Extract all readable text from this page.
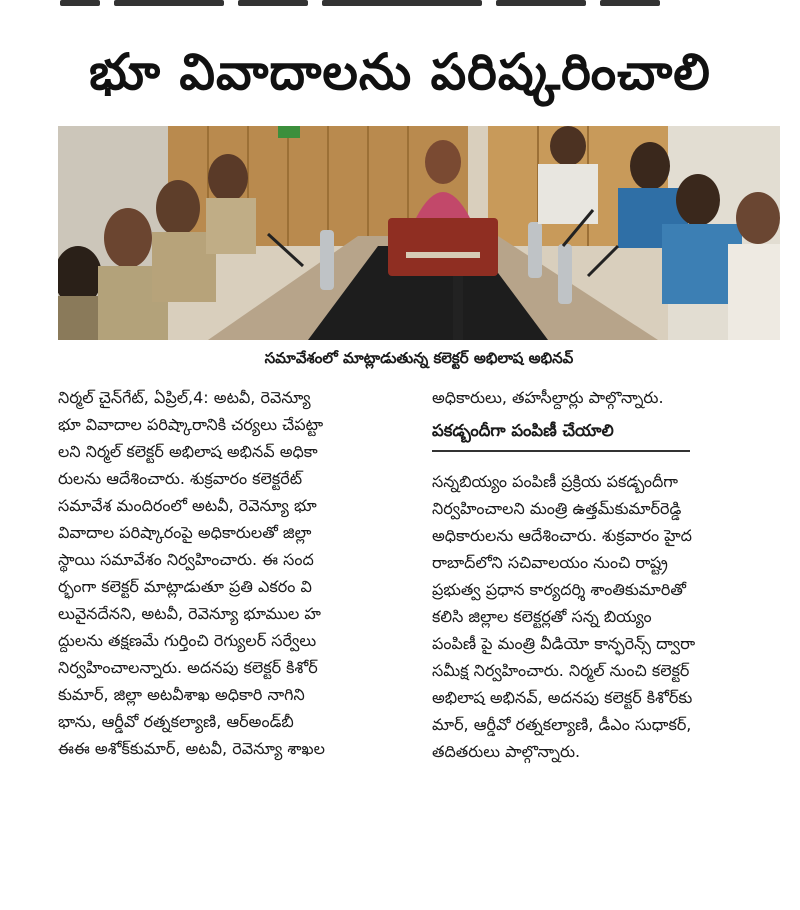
భూ వివాదాలను పరిష్కరించాలి
సమావేశంలో మాట్లాడుతున్న కలెక్టర్ అభిలాష అభినవ్
నిర్మల్ చైన్‌గేట్, ఏప్రిల్,4: అటవీ, రెవెన్యూ
భూ వివాదాల పరిష్కారానికి చర్యలు చేపట్టా
లని నిర్మల్ కలెక్టర్ అభిలాష అభినవ్ అధికా
రులను ఆదేశించారు. శుక్రవారం కలెక్టరేట్
సమావేశ మందిరంలో అటవీ, రెవెన్యూ భూ
వివాదాల పరిష్కారంపై అధికారులతో జిల్లా
స్థాయి సమావేశం నిర్వహించారు. ఈ సంద
ర్భంగా కలెక్టర్ మాట్లాడుతూ ప్రతి ఎకరం వి
లువైనదేనని, అటవీ, రెవెన్యూ భూముల హ
ద్దులను తక్షణమే గుర్తించి రెగ్యులర్ సర్వేలు
నిర్వహించాలన్నారు. అదనపు కలెక్టర్ కిశోర్
కుమార్, జిల్లా అటవీశాఖ అధికారి నాగిని
భాను, ఆర్డీవో రత్నకల్యాణి, ఆర్అండ్‌బీ
ఈఈ అశోక్‌కుమార్, అటవీ, రెవెన్యూ శాఖల
అధికారులు, తహసీల్దార్లు పాల్గొన్నారు.
పకడ్బందీగా పంపిణీ చేయాలి
సన్నబియ్యం పంపిణీ ప్రక్రియ పకడ్బందీగా
నిర్వహించాలని మంత్రి ఉత్తమ్‌కుమార్‌రెడ్డి
అధికారులను ఆదేశించారు. శుక్రవారం హైద
రాబాద్‌లోని సచివాలయం నుంచి రాష్ట్ర
ప్రభుత్వ ప్రధాన కార్యదర్శి శాంతికుమారితో
కలిసి జిల్లాల కలెక్టర్లతో సన్న బియ్యం
పంపిణీ పై మంత్రి వీడియో కాన్ఫరెన్స్ ద్వారా
సమీక్ష నిర్వహించారు. నిర్మల్ నుంచి కలెక్టర్
అభిలాష అభినవ్, అదనపు కలెక్టర్ కిశోర్‌కు
మార్, ఆర్డీవో రత్నకల్యాణి, డీఎం సుధాకర్,
తదితరులు పాల్గొన్నారు.
